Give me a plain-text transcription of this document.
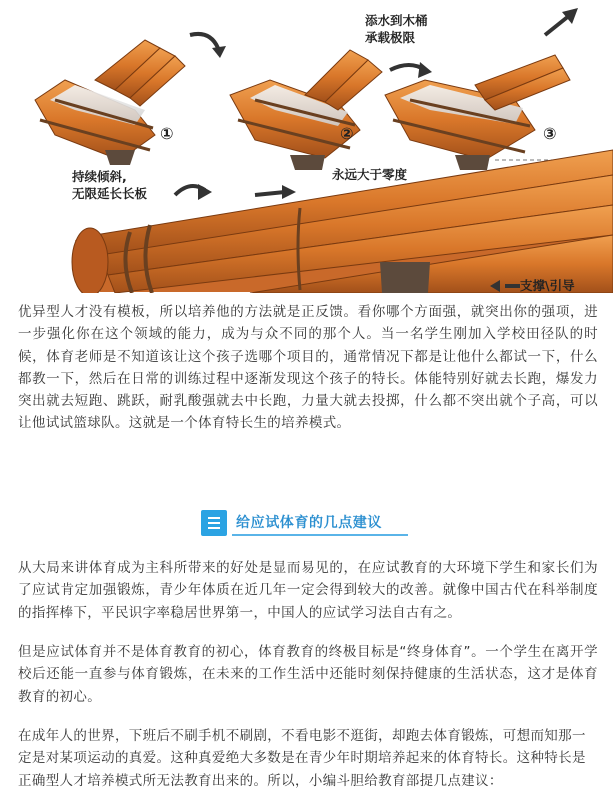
添水到木桶
承载极限
持续倾斜,
无限延长长板
永远大于零度
支撑\引导
①	②	③

优异型人才没有模板，所以培养他的方法就是正反馈。看你哪个方面强，就突出你的强项，进一步强化你在这个领域的能力，成为与众不同的那个人。当一名学生刚加入学校田径队的时候，体育老师是不知道该让这个孩子选哪个项目的，通常情况下都是让他什么都试一下，什么都教一下，然后在日常的训练过程中逐渐发现这个孩子的特长。体能特别好就去长跑，爆发力突出就去短跑、跳跃，耐乳酸强就去中长跑，力量大就去投掷，什么都不突出就个子高，可以让他试试篮球队。这就是一个体育特长生的培养模式。

给应试体育的几点建议

从大局来讲体育成为主科所带来的好处是显而易见的，在应试教育的大环境下学生和家长们为了应试肯定加强锻炼，青少年体质在近几年一定会得到较大的改善。就像中国古代在科举制度的指挥棒下，平民识字率稳居世界第一，中国人的应试学习法自古有之。

但是应试体育并不是体育教育的初心，体育教育的终极目标是“终身体育”。一个学生在离开学校后还能一直参与体育锻炼，在未来的工作生活中还能时刻保持健康的生活状态，这才是体育教育的初心。

在成年人的世界，下班后不刷手机不刷剧，不看电影不逛街，却跑去体育锻炼，可想而知那一定是对某项运动的真爱。这种真爱绝大多数是在青少年时期培养起来的体育特长。这种特长是正确型人才培养模式所无法教育出来的。所以，小编斗胆给教育部提几点建议：
